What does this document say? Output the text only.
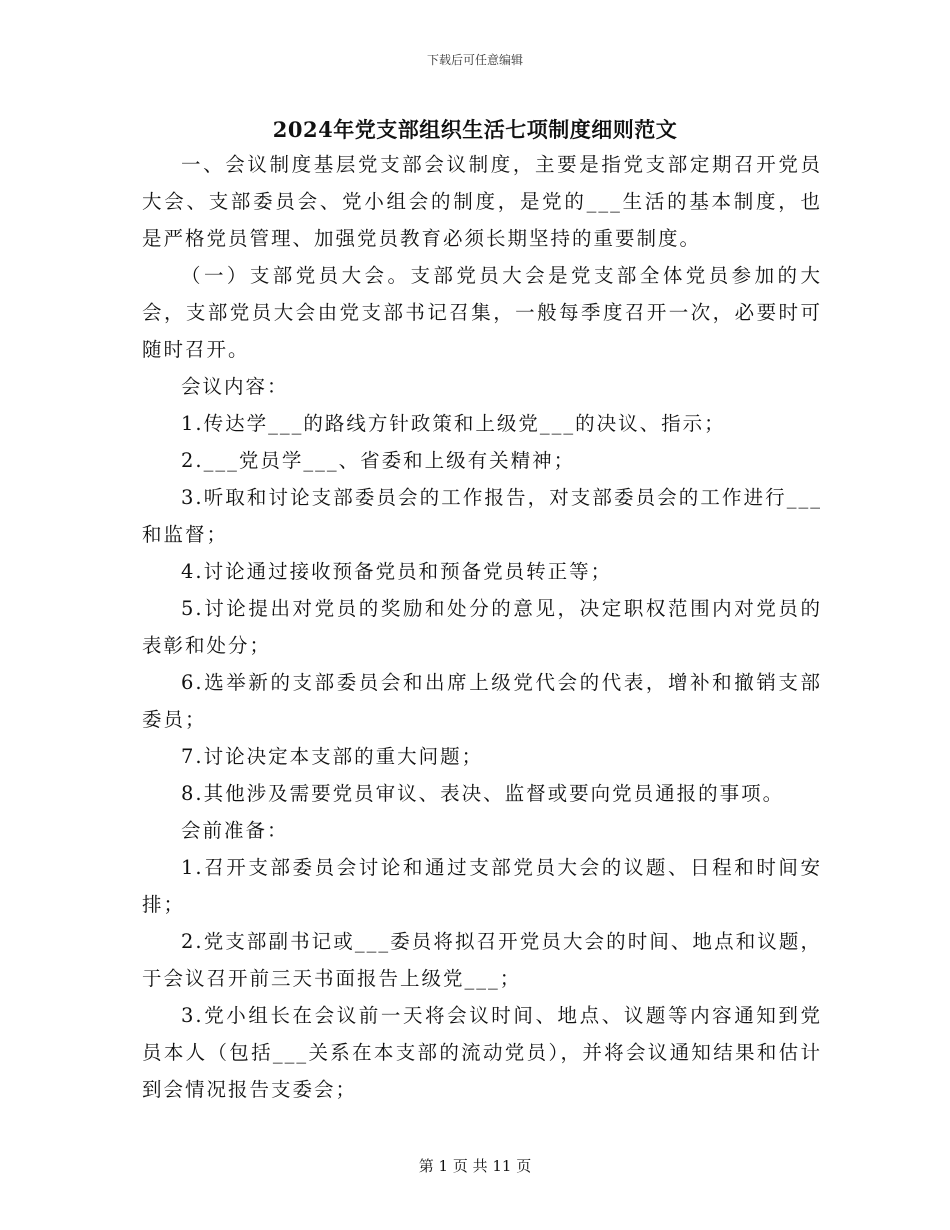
下载后可任意编辑
2024年党支部组织生活七项制度细则范文

一、会议制度基层党支部会议制度，主要是指党支部定期召开党员大会、支部委员会、党小组会的制度，是党的___生活的基本制度，也是严格党员管理、加强党员教育必须长期坚持的重要制度。

（一）支部党员大会。支部党员大会是党支部全体党员参加的大会，支部党员大会由党支部书记召集，一般每季度召开一次，必要时可随时召开。

会议内容：

1.传达学___的路线方针政策和上级党___的决议、指示；

2.___党员学___、省委和上级有关精神；

3.听取和讨论支部委员会的工作报告，对支部委员会的工作进行___和监督；

4.讨论通过接收预备党员和预备党员转正等；

5.讨论提出对党员的奖励和处分的意见，决定职权范围内对党员的表彰和处分；

6.选举新的支部委员会和出席上级党代会的代表，增补和撤销支部委员；

7.讨论决定本支部的重大问题；

8.其他涉及需要党员审议、表决、监督或要向党员通报的事项。

会前准备：

1.召开支部委员会讨论和通过支部党员大会的议题、日程和时间安排；

2.党支部副书记或___委员将拟召开党员大会的时间、地点和议题，于会议召开前三天书面报告上级党___；

3.党小组长在会议前一天将会议时间、地点、议题等内容通知到党员本人（包括___关系在本支部的流动党员），并将会议通知结果和估计到会情况报告支委会；

第 1 页 共 11 页
